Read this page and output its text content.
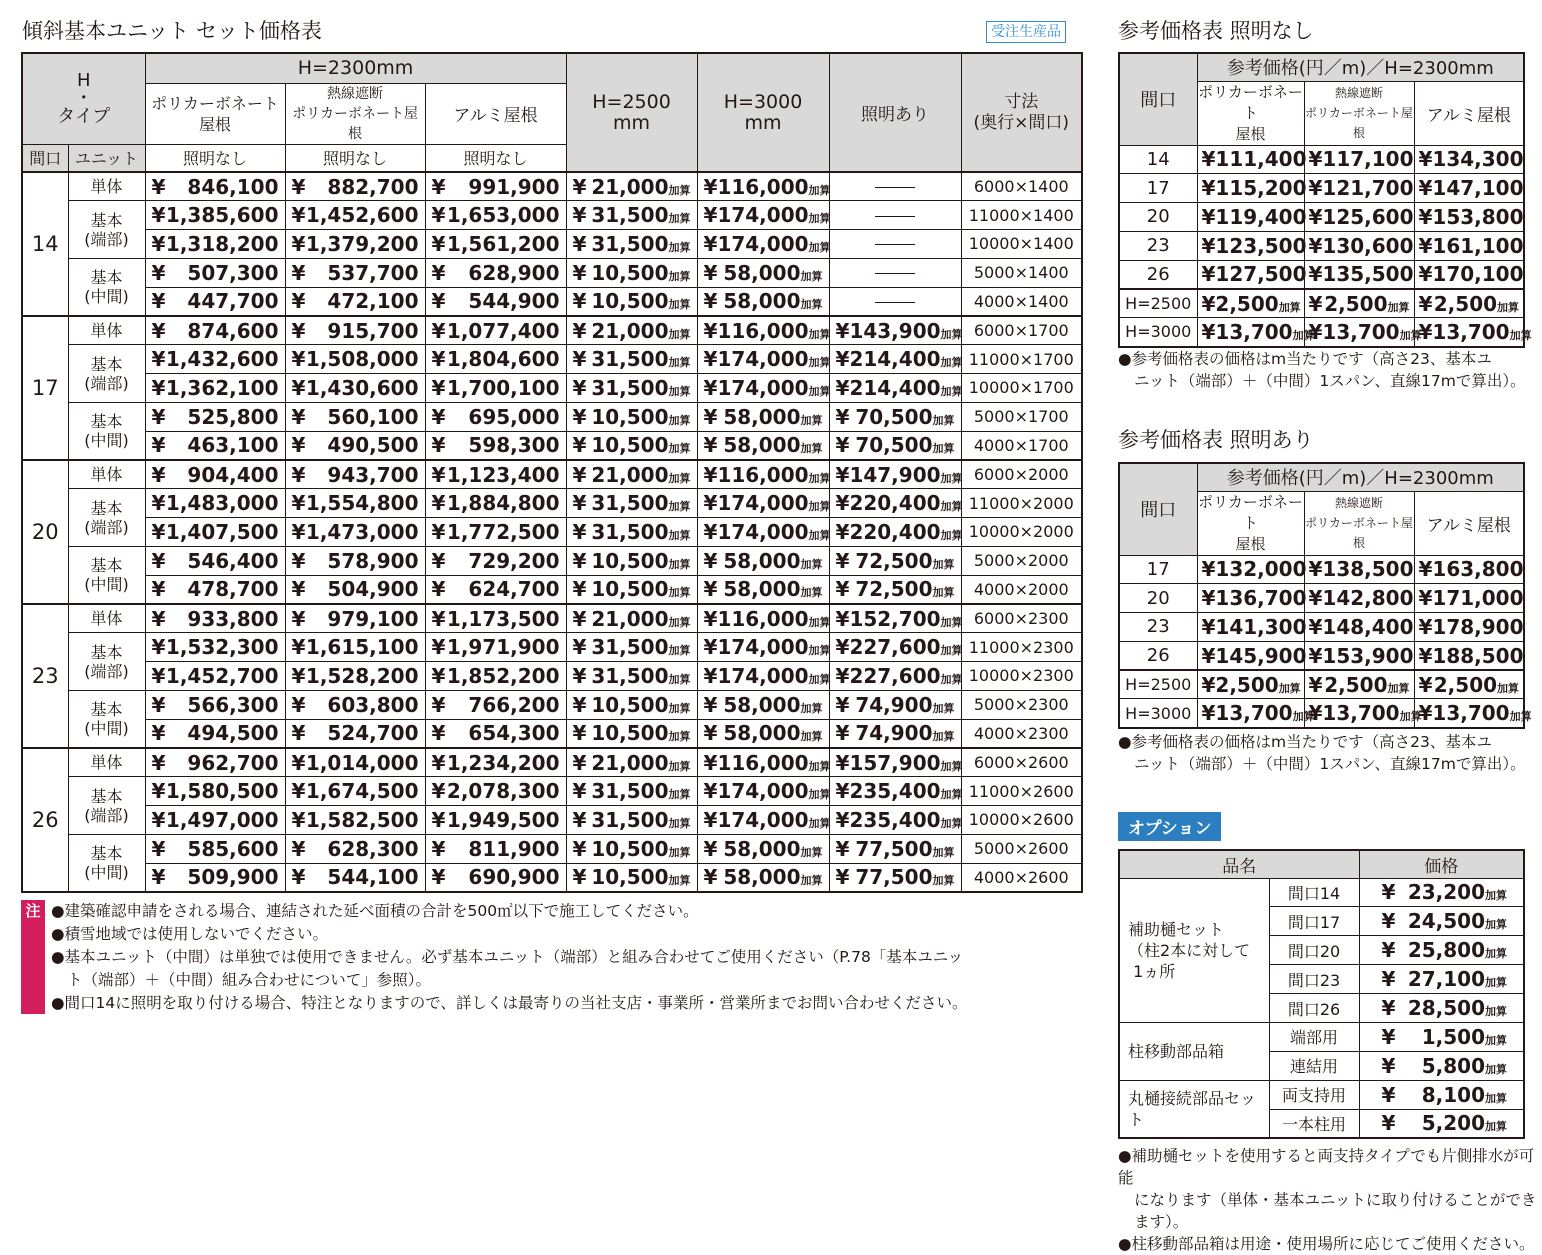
傾斜基本ユニット セット価格表	受注生産品
H
・
タイプ		H=2300mm			H=2500
mm	H=3000
mm	照明あり	寸法
(奥行×間口)

		ポリカーボネート
屋根	熱線遮断
ポリカーボネート屋根	アルミ屋根				
間口	ユニット	照明なし	照明なし	照明なし				
14	単体	¥ 846,100	¥ 882,700	¥ 991,900	¥ 21,000加算	¥ 116,000加算		6000×1400

	基本
(端部)	¥ 1,385,600	¥ 1,452,600	¥ 1,653,000	¥ 31,500加算	¥ 174,000加算		11000×1400

		¥ 1,318,200	¥ 1,379,200	¥ 1,561,200	¥ 31,500加算	¥ 174,000加算		10000×1400

	基本
(中間)	¥ 507,300	¥ 537,700	¥ 628,900	¥ 10,500加算	¥ 58,000加算		5000×1400

		¥ 447,700	¥ 472,100	¥ 544,900	¥ 10,500加算	¥ 58,000加算		4000×1400
17	単体	¥ 874,600	¥ 915,700	¥ 1,077,400	¥ 21,000加算	¥ 116,000加算	¥ 143,900加算	6000×1700

	基本
(端部)	¥ 1,432,600	¥ 1,508,000	¥ 1,804,600	¥ 31,500加算	¥ 174,000加算	¥ 214,400加算	11000×1700

		¥ 1,362,100	¥ 1,430,600	¥ 1,700,100	¥ 31,500加算	¥ 174,000加算	¥ 214,400加算	10000×1700

	基本
(中間)	¥ 525,800	¥ 560,100	¥ 695,000	¥ 10,500加算	¥ 58,000加算	¥ 70,500加算	5000×1700

		¥ 463,100	¥ 490,500	¥ 598,300	¥ 10,500加算	¥ 58,000加算	¥ 70,500加算	4000×1700
20	単体	¥ 904,400	¥ 943,700	¥ 1,123,400	¥ 21,000加算	¥ 116,000加算	¥ 147,900加算	6000×2000

	基本
(端部)	¥ 1,483,000	¥ 1,554,800	¥ 1,884,800	¥ 31,500加算	¥ 174,000加算	¥ 220,400加算	11000×2000

		¥ 1,407,500	¥ 1,473,000	¥ 1,772,500	¥ 31,500加算	¥ 174,000加算	¥ 220,400加算	10000×2000

	基本
(中間)	¥ 546,400	¥ 578,900	¥ 729,200	¥ 10,500加算	¥ 58,000加算	¥ 72,500加算	5000×2000

		¥ 478,700	¥ 504,900	¥ 624,700	¥ 10,500加算	¥ 58,000加算	¥ 72,500加算	4000×2000
23	単体	¥ 933,800	¥ 979,100	¥ 1,173,500	¥ 21,000加算	¥ 116,000加算	¥ 152,700加算	6000×2300

	基本
(端部)	¥ 1,532,300	¥ 1,615,100	¥ 1,971,900	¥ 31,500加算	¥ 174,000加算	¥ 227,600加算	11000×2300

		¥ 1,452,700	¥ 1,528,200	¥ 1,852,200	¥ 31,500加算	¥ 174,000加算	¥ 227,600加算	10000×2300

	基本
(中間)	¥ 566,300	¥ 603,800	¥ 766,200	¥ 10,500加算	¥ 58,000加算	¥ 74,900加算	5000×2300

		¥ 494,500	¥ 524,700	¥ 654,300	¥ 10,500加算	¥ 58,000加算	¥ 74,900加算	4000×2300
26	単体	¥ 962,700	¥ 1,014,000	¥ 1,234,200	¥ 21,000加算	¥ 116,000加算	¥ 157,900加算	6000×2600

	基本
(端部)	¥ 1,580,500	¥ 1,674,500	¥ 2,078,300	¥ 31,500加算	¥ 174,000加算	¥ 235,400加算	11000×2600

		¥ 1,497,000	¥ 1,582,500	¥ 1,949,500	¥ 31,500加算	¥ 174,000加算	¥ 235,400加算	10000×2600

	基本
(中間)	¥ 585,600	¥ 628,300	¥ 811,900	¥ 10,500加算	¥ 58,000加算	¥ 77,500加算	5000×2600

		¥ 509,900	¥ 544,100	¥ 690,900	¥ 10,500加算	¥ 58,000加算	¥ 77,500加算	4000×2600
注 ●建築確認申請をされる場合、連結された延べ面積の合計を500㎡以下で施工してください。
●積雪地域では使用しないでください。
●基本ユニット（中間）は単独では使用できません。必ず基本ユニット（端部）と組み合わせてご使用ください（P.78「基本ユニッ
ト（端部）＋（中間）組み合わせについて」参照）。
●間口14に照明を取り付ける場合、特注となりますので、詳しくは最寄りの当社支店・事業所・営業所までお問い合わせください。
参考価格表 照明なし
間口	参考価格(円／m)／H=2300mm		

	ポリカーボネート
屋根	熱線遮断
ポリカーボネート屋根	アルミ屋根
14	¥ 111,400	¥ 117,100	¥ 134,300

17	¥ 115,200	¥ 121,700	¥ 147,100

20	¥ 119,400	¥ 125,600	¥ 153,800

23	¥ 123,500	¥ 130,600	¥ 161,100

26	¥ 127,500	¥ 135,500	¥ 170,100

H=2500	¥ 2,500加算	¥ 2,500加算	¥ 2,500加算

H=3000	¥ 13,700加算	¥ 13,700加算	¥ 13,700加算
●参考価格表の価格はm当たりです（高さ23、基本ユ
ニット（端部）＋（中間）1スパン、直線17mで算出）。
参考価格表 照明あり
間口	参考価格(円／m)／H=2300mm		

	ポリカーボネート
屋根	熱線遮断
ポリカーボネート屋根	アルミ屋根
17	¥ 132,000	¥ 138,500	¥ 163,800

20	¥ 136,700	¥ 142,800	¥ 171,000

23	¥ 141,300	¥ 148,400	¥ 178,900

26	¥ 145,900	¥ 153,900	¥ 188,500

H=2500	¥ 2,500加算	¥ 2,500加算	¥ 2,500加算

H=3000	¥ 13,700加算	¥ 13,700加算	¥ 13,700加算
●参考価格表の価格はm当たりです（高さ23、基本ユ
ニット（端部）＋（中間）1スパン、直線17mで算出）。
オプション
品名		価格

補助樋セット
（柱2本に対して
1ヵ所	間口14	¥ 23,200加算

	間口17	¥ 24,500加算

	間口20	¥ 25,800加算

	間口23	¥ 27,100加算

	間口26	¥ 28,500加算

柱移動部品箱	端部用	¥ 1,500加算

	連結用	¥ 5,800加算

丸樋接続部品セット	両支持用	¥ 8,100加算

	一本柱用	¥ 5,200加算
●補助樋セットを使用すると両支持タイプでも片側排水が可能
になります（単体・基本ユニットに取り付けることができます）。
●柱移動部品箱は用途・使用場所に応じてご使用ください。
